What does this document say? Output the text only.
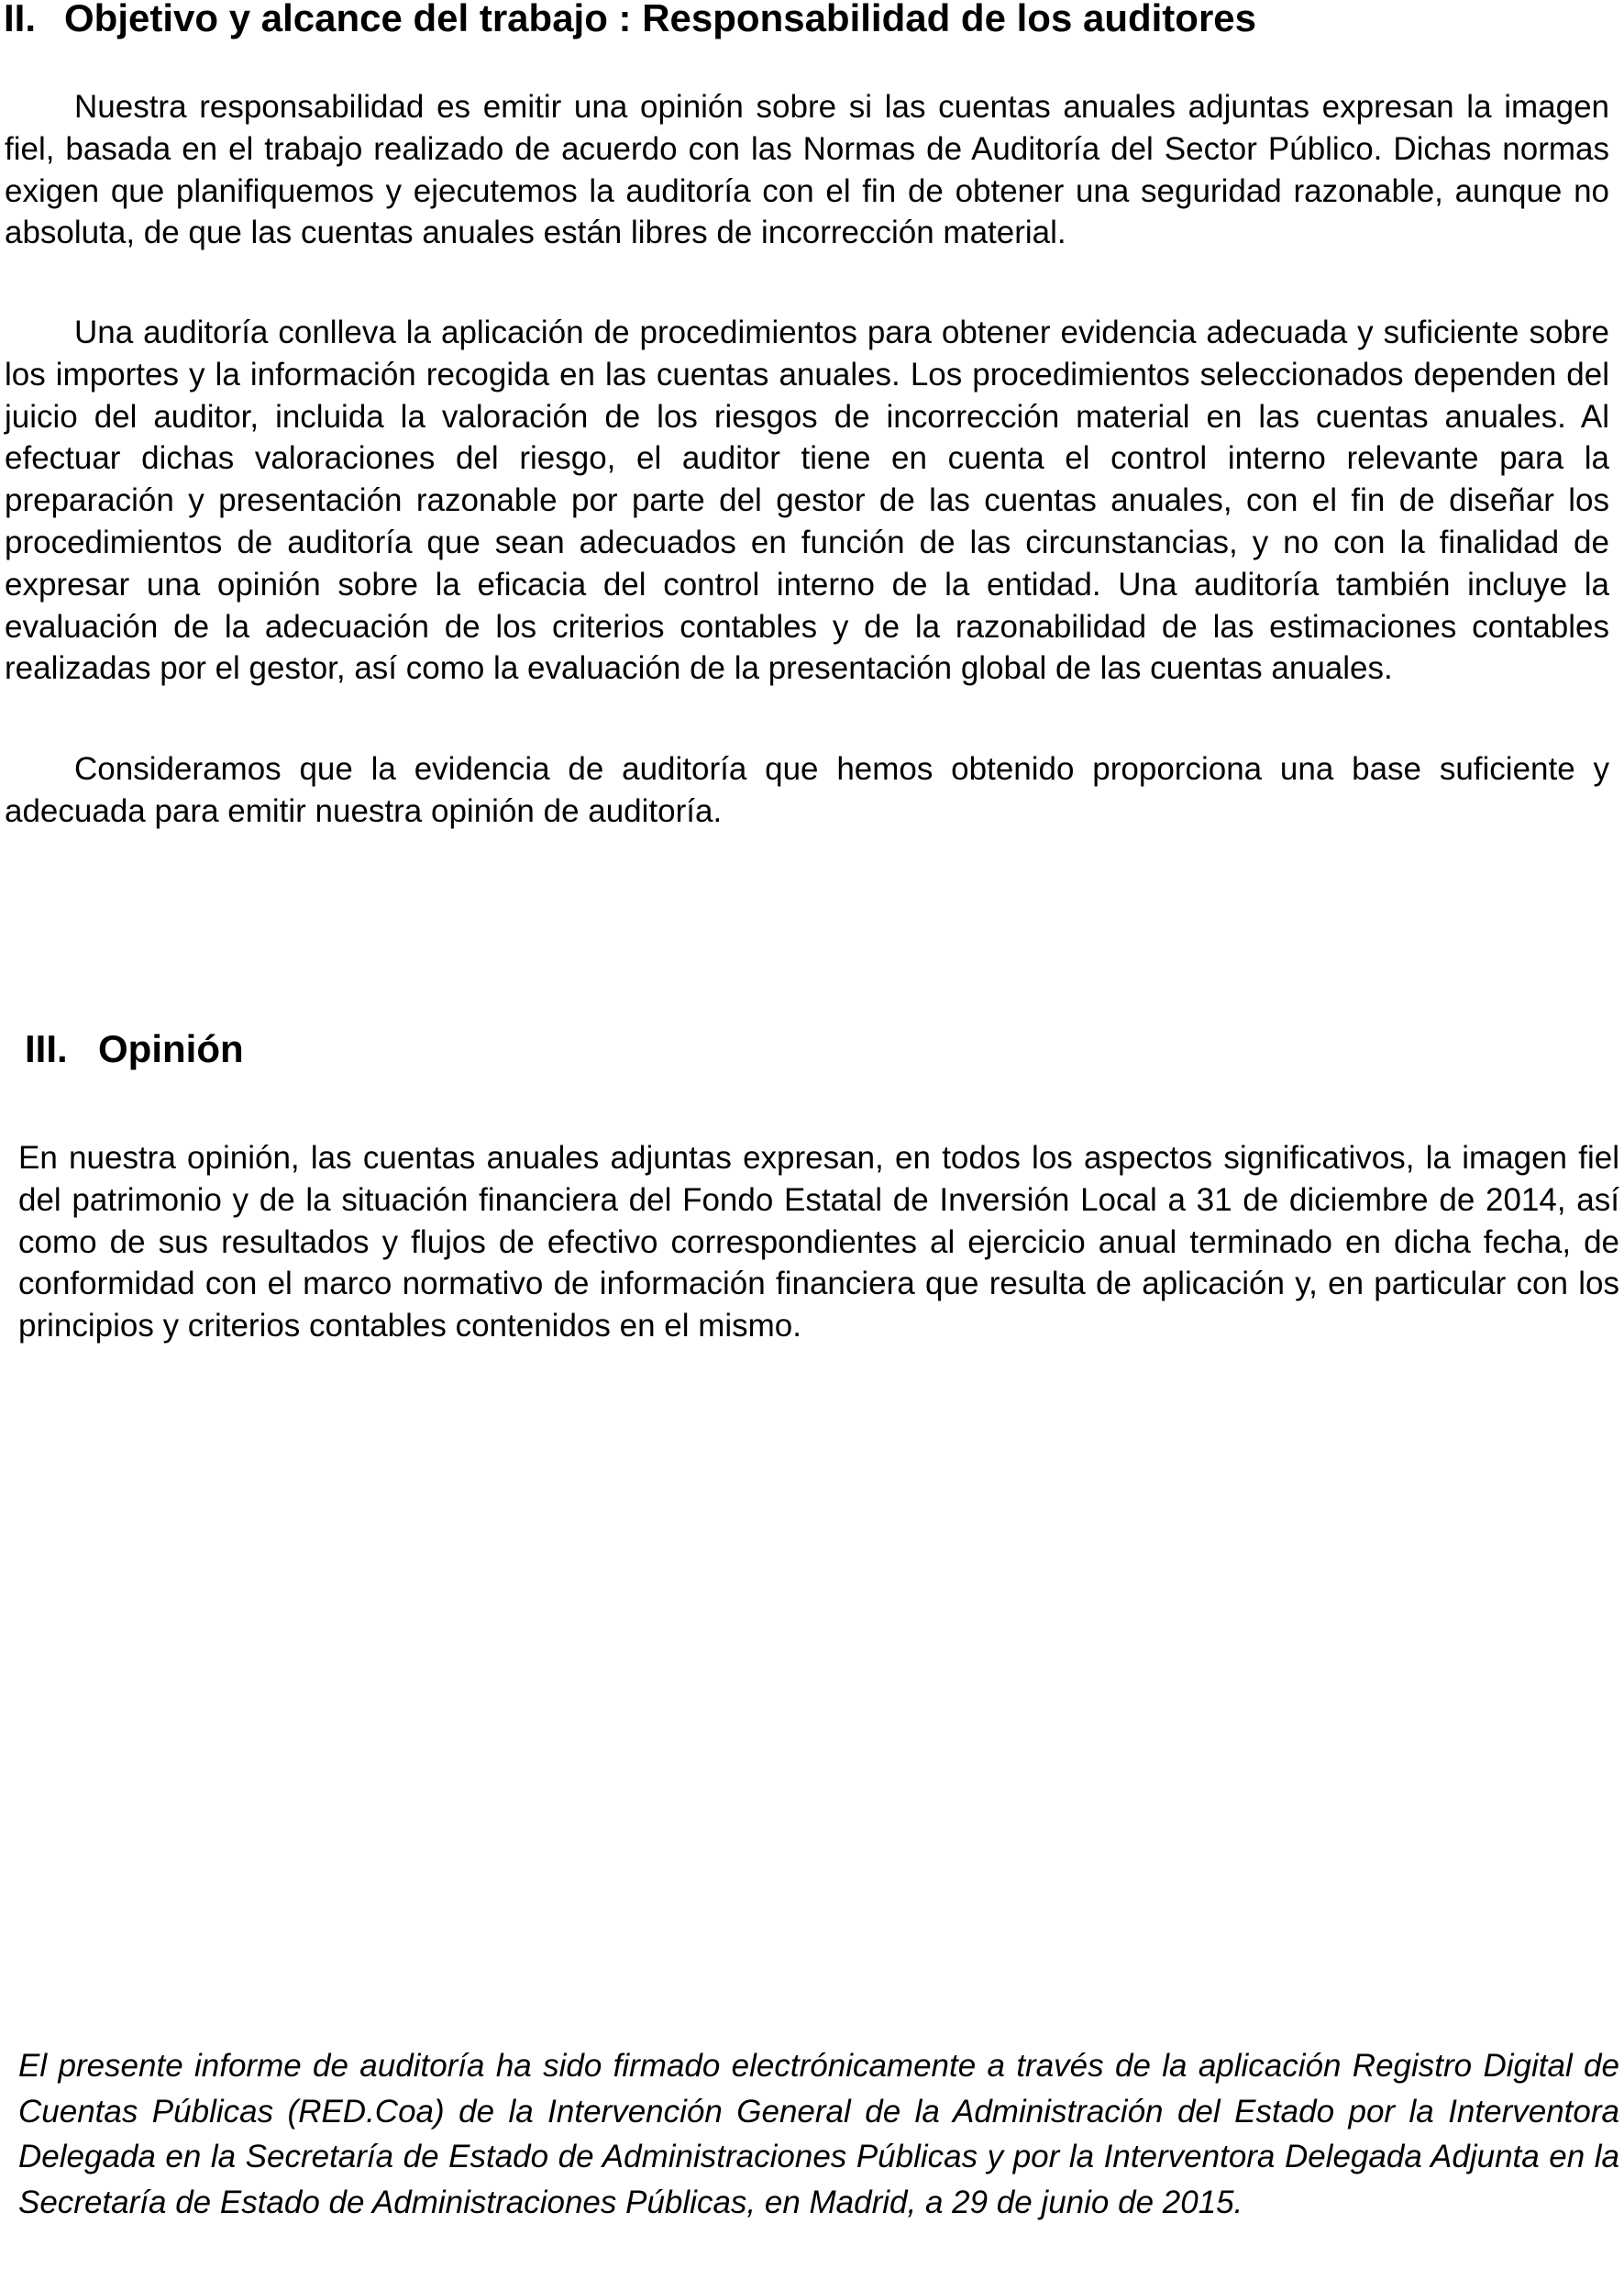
II. Objetivo y alcance del trabajo : Responsabilidad de los auditores

Nuestra responsabilidad es emitir una opinión sobre si las cuentas anuales adjuntas expresan la imagen fiel, basada en el trabajo realizado de acuerdo con las Normas de Auditoría del Sector Público. Dichas normas exigen que planifiquemos y ejecutemos la auditoría con el fin de obtener una seguridad razonable, aunque no absoluta, de que las cuentas anuales están libres de incorrección material.

Una auditoría conlleva la aplicación de procedimientos para obtener evidencia adecuada y suficiente sobre los importes y la información recogida en las cuentas anuales. Los procedimientos seleccionados dependen del juicio del auditor, incluida la valoración de los riesgos de incorrección material en las cuentas anuales. Al efectuar dichas valoraciones del riesgo, el auditor tiene en cuenta el control interno relevante para la preparación y presentación razonable por parte del gestor de las cuentas anuales, con el fin de diseñar los procedimientos de auditoría que sean adecuados en función de las circunstancias, y no con la finalidad de expresar una opinión sobre la eficacia del control interno de la entidad. Una auditoría también incluye la evaluación de la adecuación de los criterios contables y de la razonabilidad de las estimaciones contables realizadas por el gestor, así como la evaluación de la presentación global de las cuentas anuales.

Consideramos que la evidencia de auditoría que hemos obtenido proporciona una base suficiente y adecuada para emitir nuestra opinión de auditoría.

III. Opinión

En nuestra opinión, las cuentas anuales adjuntas expresan, en todos los aspectos significativos, la imagen fiel del patrimonio y de la situación financiera del Fondo Estatal de Inversión Local a 31 de diciembre de 2014, así como de sus resultados y flujos de efectivo correspondientes al ejercicio anual terminado en dicha fecha, de conformidad con el marco normativo de información financiera que resulta de aplicación y, en particular con los principios y criterios contables contenidos en el mismo.

El presente informe de auditoría ha sido firmado electrónicamente a través de la aplicación Registro Digital de Cuentas Públicas (RED.Coa) de la Intervención General de la Administración del Estado por la Interventora Delegada en la Secretaría de Estado de Administraciones Públicas y por la Interventora Delegada Adjunta en la Secretaría de Estado de Administraciones Públicas, en Madrid, a 29 de junio de 2015.
